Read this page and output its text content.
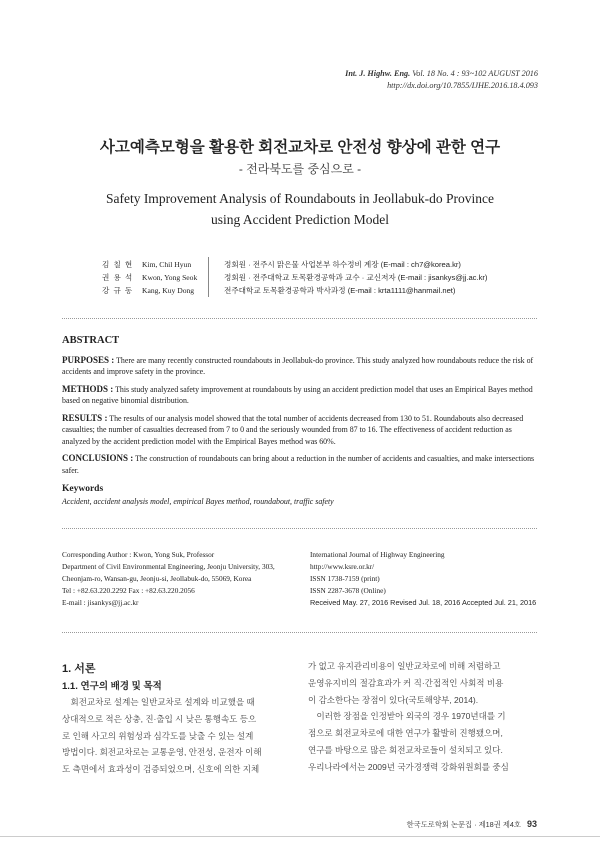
Int. J. Highw. Eng. Vol. 18 No. 4 : 93~102 AUGUST 2016
http://dx.doi.org/10.7855/IJHE.2016.18.4.093
사고예측모형을 활용한 회전교차로 안전성 향상에 관한 연구
- 전라북도를 중심으로 -
Safety Improvement Analysis of Roundabouts in Jeollabuk-do Province
using Accident Prediction Model
김 칠 현	Kim, Chil Hyun	정회원 · 전주시 맑은물 사업본부 하수정비 계장 (E-mail : ch7@korea.kr)
권 용 석	Kwon, Yong Seok	정회원 · 전주대학교 토목환경공학과 교수 · 교신저자 (E-mail : jisankys@jj.ac.kr)
강 규 동	Kang, Kuy Dong	전주대학교 토목환경공학과 박사과정 (E-mail : krta1111@hanmail.net)
ABSTRACT

PURPOSES : There are many recently constructed roundabouts in Jeollabuk-do province. This study analyzed how roundabouts reduce the risk of accidents and improve safety in the province.

METHODS : This study analyzed safety improvement at roundabouts by using an accident prediction model that uses an Empirical Bayes method based on negative binomial distribution.

RESULTS : The results of our analysis model showed that the total number of accidents decreased from 130 to 51. Roundabouts also decreased casualties; the number of casualties decreased from 7 to 0 and the seriously wounded from 87 to 16. The effectiveness of accident reduction as analyzed by the accident prediction model with the Empirical Bayes method was 60%.

CONCLUSIONS : The construction of roundabouts can bring about a reduction in the number of accidents and casualties, and make intersections safer.

Keywords
Accident, accident analysis model, empirical Bayes method, roundabout, traffic safety
Corresponding Author : Kwon, Yong Suk, Professor
Department of Civil Environmental Engineering, Jeonju University, 303,
Cheonjam-ro, Wansan-gu, Jeonju-si, Jeollabuk-do, 55069, Korea
Tel : +82.63.220.2292 Fax : +82.63.220.2056
E-mail : jisankys@jj.ac.kr
International Journal of Highway Engineering
http://www.ksre.or.kr/
ISSN 1738-7159 (print)
ISSN 2287-3678 (Online)
Received May. 27, 2016 Revised Jul. 18, 2016 Accepted Jul. 21, 2016
1. 서론
1.1. 연구의 배경 및 목적

　회전교차로 설계는 일반교차로 설계와 비교했을 때

상대적으로 적은 상충, 진·출입 시 낮은 통행속도 등으

로 인해 사고의 위험성과 심각도를 낮출 수 있는 설계

방법이다. 회전교차로는 교통운영, 안전성, 운전자 이해

도 측면에서 효과성이 검증되었으며, 신호에 의한 지체

가 없고 유지관리비용이 일반교차로에 비해 저렴하고

운영유지비의 절감효과가 커 직·간접적인 사회적 비용

이 감소한다는 장점이 있다(국토해양부, 2014).

　이러한 장점을 인정받아 외국의 경우 1970년대를 기

점으로 회전교차로에 대한 연구가 활발히 진행됐으며,

연구를 바탕으로 많은 회전교차로들이 설치되고 있다.

우리나라에서는 2009년 국가경쟁력 강화위원회를 중심

한국도로학회 논문집 · 제18권 제4호 93
